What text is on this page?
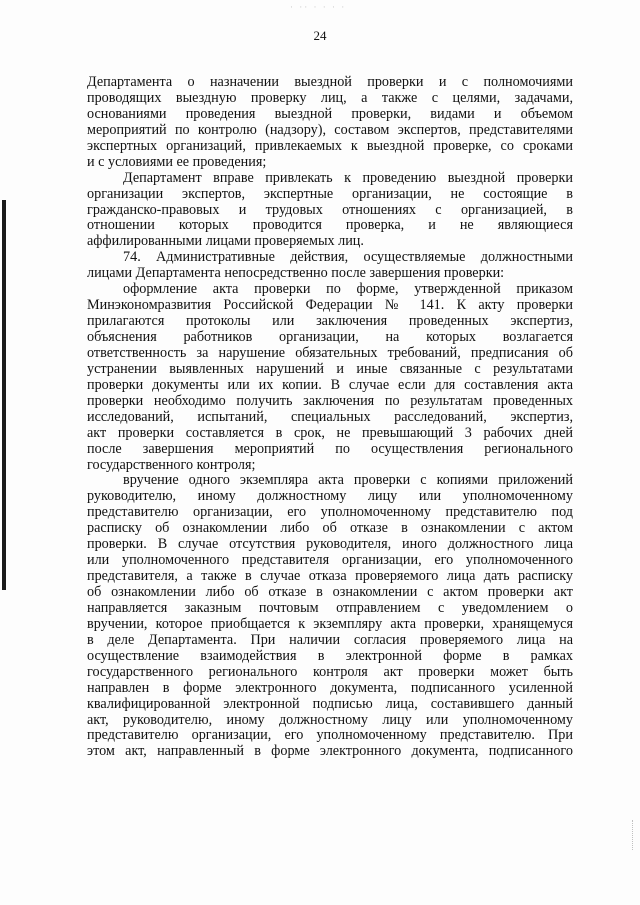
· ·· · · · ·
24
Департамента о назначении выездной проверки и с полномочиями
проводящих выездную проверку лиц, а также с целями, задачами,
основаниями проведения выездной проверки, видами и объемом
мероприятий по контролю (надзору), составом экспертов, представителями
экспертных организаций, привлекаемых к выездной проверке, со сроками
и с условиями ее проведения;
Департамент вправе привлекать к проведению выездной проверки
организации экспертов, экспертные организации, не состоящие в
гражданско-правовых и трудовых отношениях с организацией, в
отношении которых проводится проверка, и не являющиеся
аффилированными лицами проверяемых лиц.
74. Административные действия, осуществляемые должностными
лицами Департамента непосредственно после завершения проверки:
оформление акта проверки по форме, утвержденной приказом
Минэкономразвития Российской Федерации № 141. К акту проверки
прилагаются протоколы или заключения проведенных экспертиз,
объяснения работников организации, на которых возлагается
ответственность за нарушение обязательных требований, предписания об
устранении выявленных нарушений и иные связанные с результатами
проверки документы или их копии. В случае если для составления акта
проверки необходимо получить заключения по результатам проведенных
исследований, испытаний, специальных расследований, экспертиз,
акт проверки составляется в срок, не превышающий 3 рабочих дней
после завершения мероприятий по осуществления регионального
государственного контроля;
вручение одного экземпляра акта проверки с копиями приложений
руководителю, иному должностному лицу или уполномоченному
представителю организации, его уполномоченному представителю под
расписку об ознакомлении либо об отказе в ознакомлении с актом
проверки. В случае отсутствия руководителя, иного должностного лица
или уполномоченного представителя организации, его уполномоченного
представителя, а также в случае отказа проверяемого лица дать расписку
об ознакомлении либо об отказе в ознакомлении с актом проверки акт
направляется заказным почтовым отправлением с уведомлением о
вручении, которое приобщается к экземпляру акта проверки, хранящемуся
в деле Департамента. При наличии согласия проверяемого лица на
осуществление взаимодействия в электронной форме в рамках
государственного регионального контроля акт проверки может быть
направлен в форме электронного документа, подписанного усиленной
квалифицированной электронной подписью лица, составившего данный
акт, руководителю, иному должностному лицу или уполномоченному
представителю организации, его уполномоченному представителю. При
этом акт, направленный в форме электронного документа, подписанного
